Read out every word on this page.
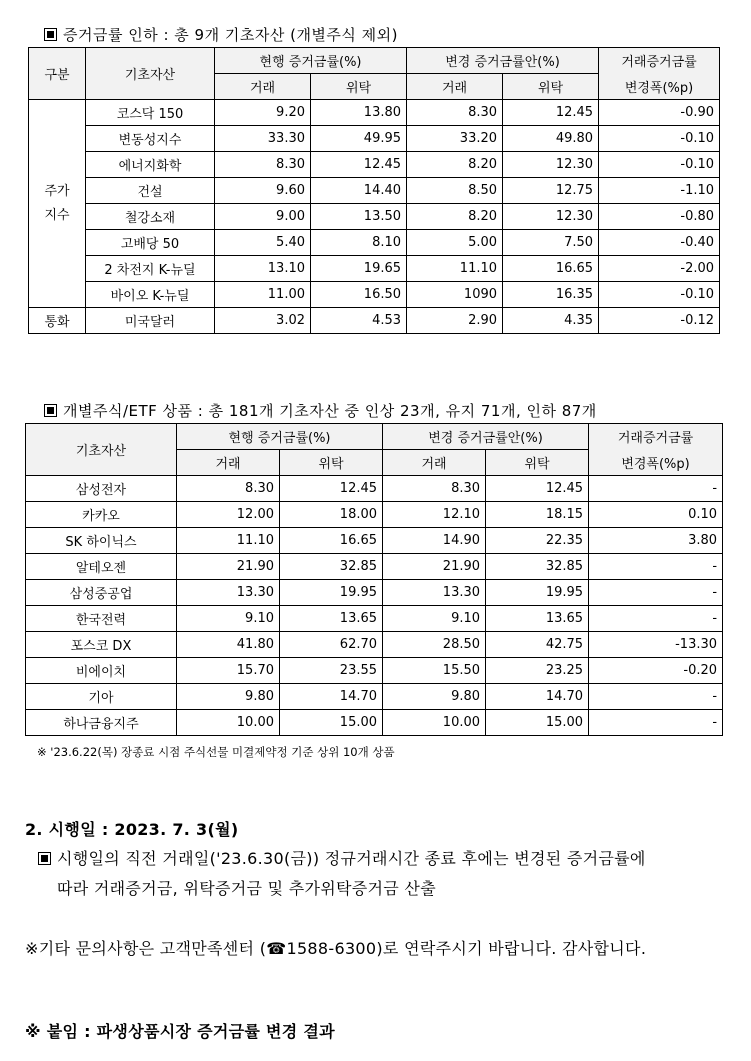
증거금률 인하 : 총 9개 기초자산 (개별주식 제외)
구분	기초자산	현행 증거금률(%)		변경 증거금률안(%)		거래증거금률
		거래	위탁	거래	위탁	변경폭(%p)

주가
지수	코스닥 150	9.20	13.80	8.30	12.45	-0.90
	변동성지수	33.30	49.95	33.20	49.80	-0.10
	에너지화학	8.30	12.45	8.20	12.30	-0.10
	건설	9.60	14.40	8.50	12.75	-1.10
	철강소재	9.00	13.50	8.20	12.30	-0.80
	고배당 50	5.40	8.10	5.00	7.50	-0.40
	2 차전지 K-뉴딜	13.10	19.65	11.10	16.65	-2.00
	바이오 K-뉴딜	11.00	16.50	1090	16.35	-0.10
통화	미국달러	3.02	4.53	2.90	4.35	-0.12
개별주식/ETF 상품 : 총 181개 기초자산 중 인상 23개, 유지 71개, 인하 87개
기초자산	현행 증거금률(%)		변경 증거금률안(%)		거래증거금률
	거래	위탁	거래	위탁	변경폭(%p)
삼성전자	8.30	12.45	8.30	12.45	-
카카오	12.00	18.00	12.10	18.15	0.10
SK 하이닉스	11.10	16.65	14.90	22.35	3.80
알테오젠	21.90	32.85	21.90	32.85	-
삼성중공업	13.30	19.95	13.30	19.95	-
한국전력	9.10	13.65	9.10	13.65	-
포스코 DX	41.80	62.70	28.50	42.75	-13.30
비에이치	15.70	23.55	15.50	23.25	-0.20
기아	9.80	14.70	9.80	14.70	-
하나금융지주	10.00	15.00	10.00	15.00	-
※ '23.6.22(목) 장종료 시점 주식선물 미결제약정 기준 상위 10개 상품
2. 시행일 : 2023. 7. 3(월)
시행일의 직전 거래일('23.6.30(금)) 정규거래시간 종료 후에는 변경된 증거금률에
따라 거래증거금, 위탁증거금 및 추가위탁증거금 산출
※기타 문의사항은 고객만족센터 (☎1588-6300)로 연락주시기 바랍니다. 감사합니다.
※ 붙임 : 파생상품시장 증거금률 변경 결과
